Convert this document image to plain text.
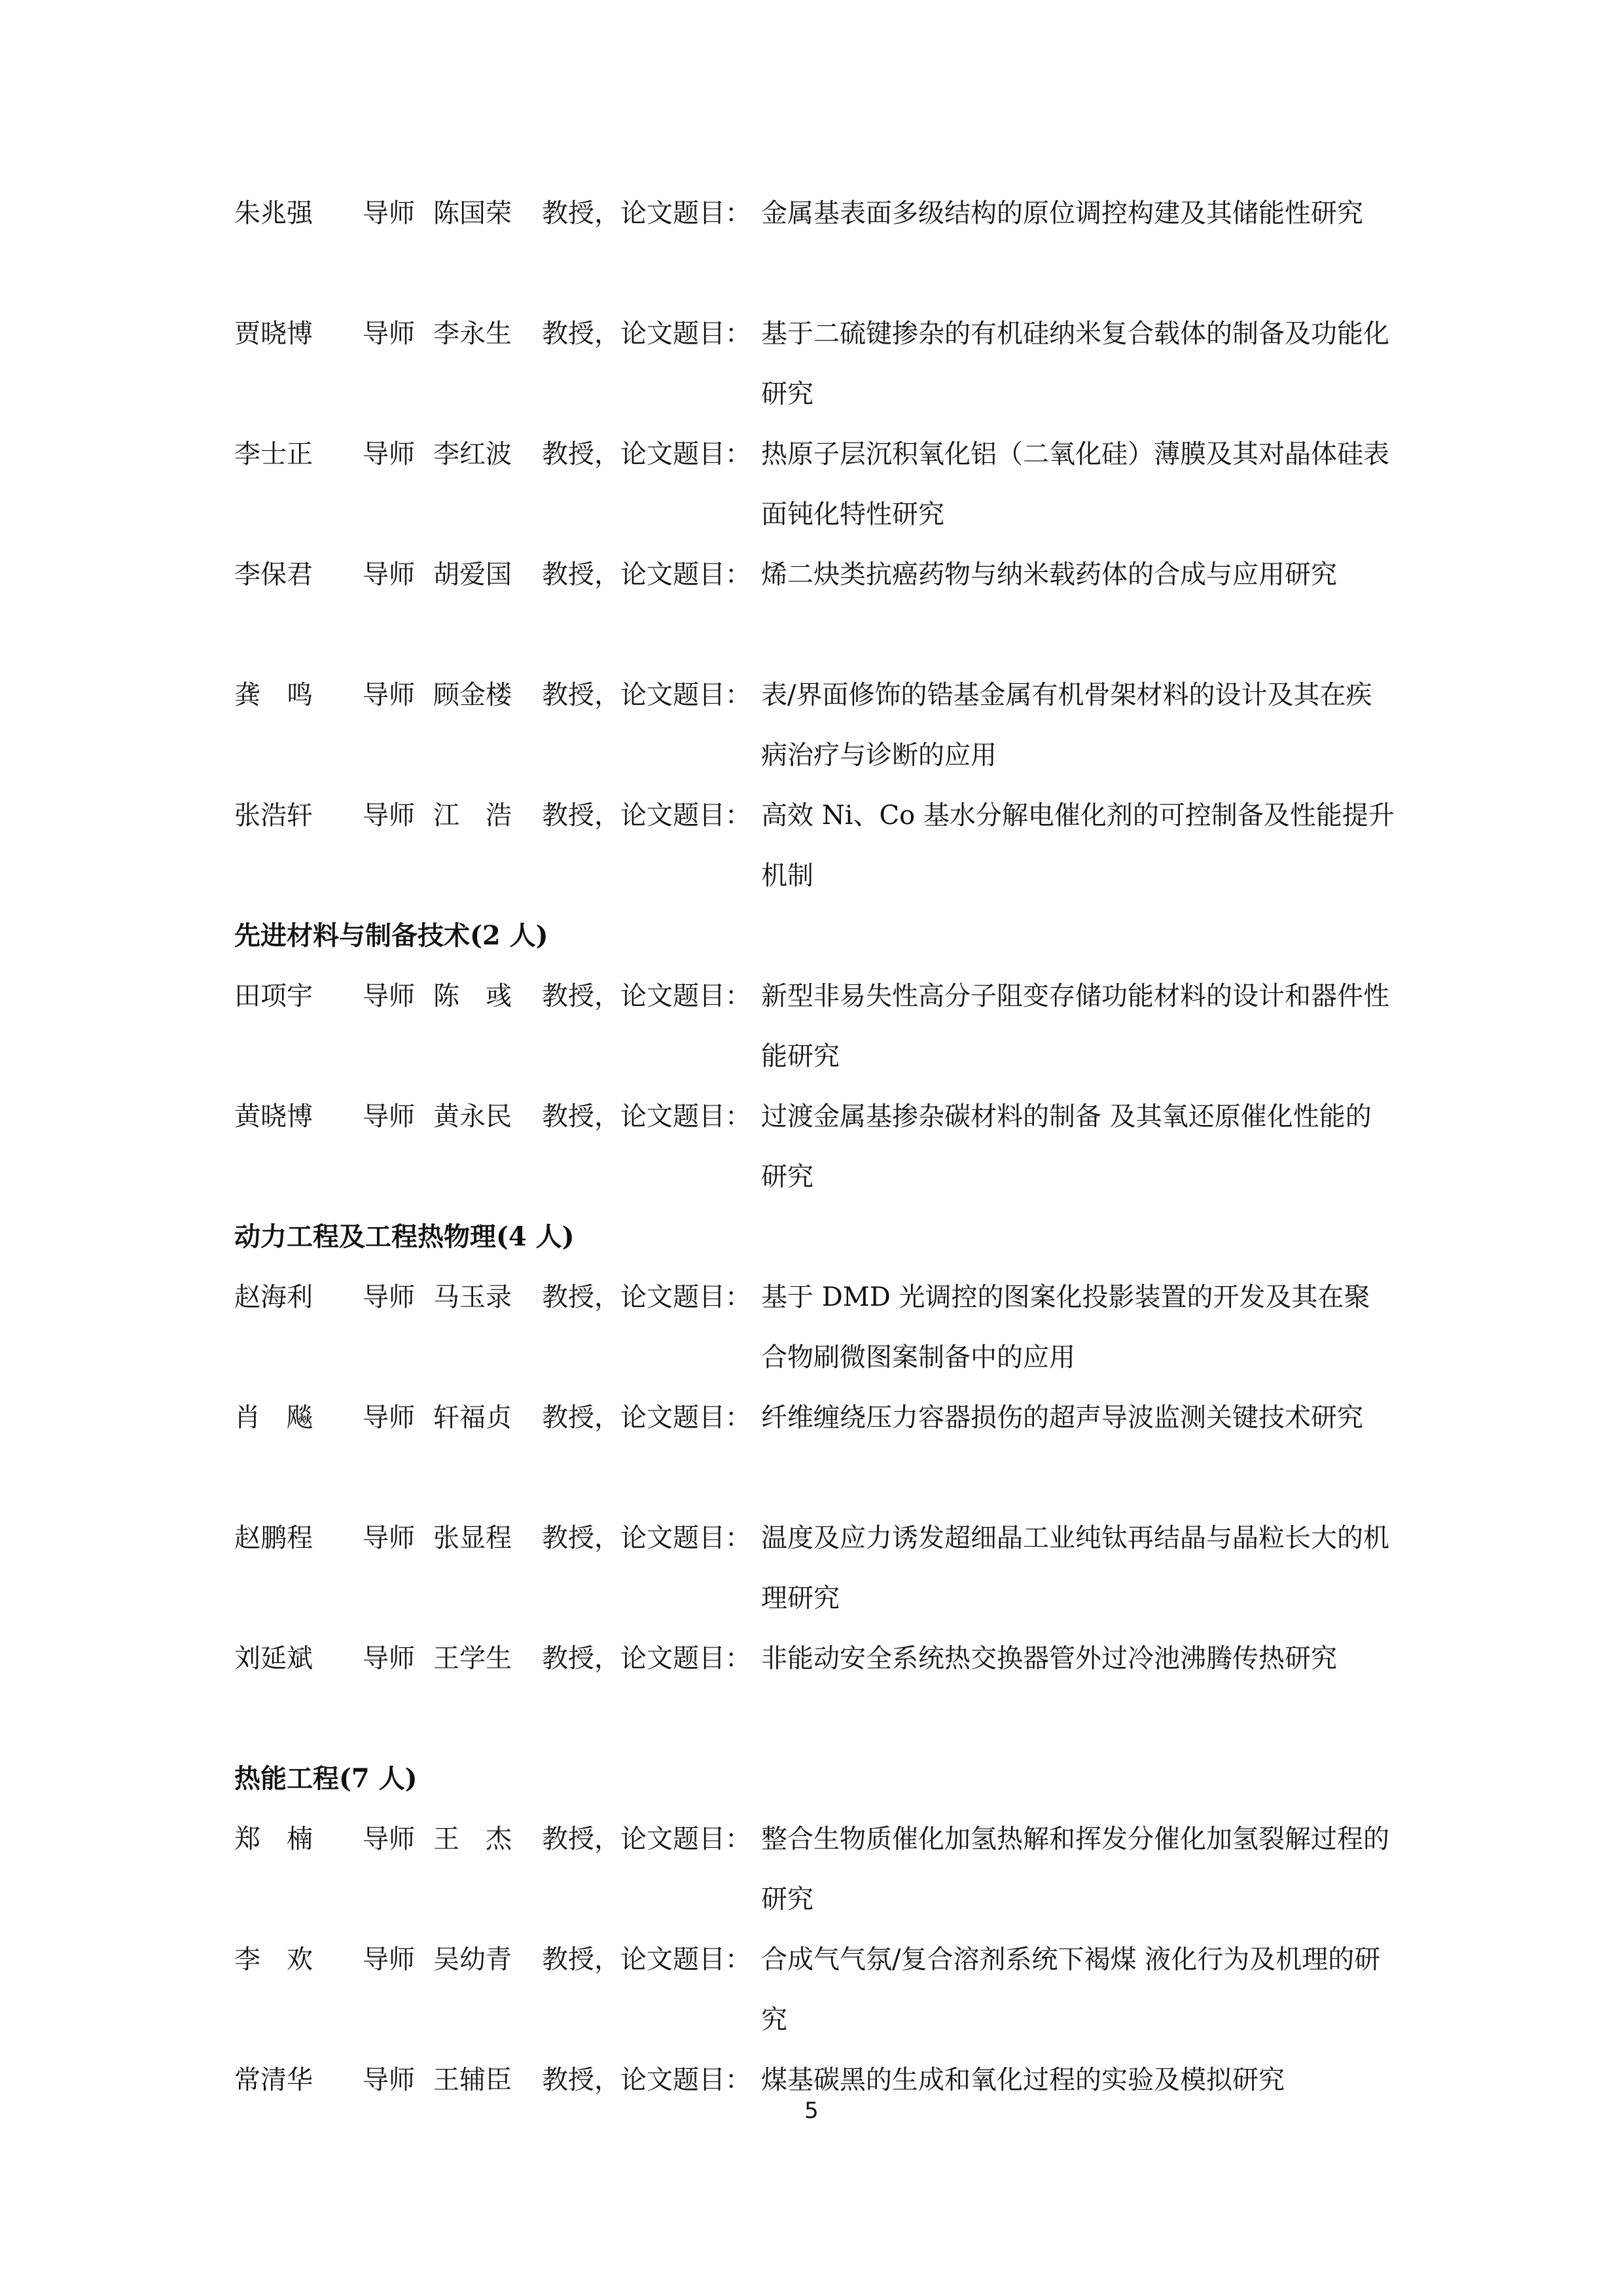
朱兆强	导师 陈国荣	教授，论文题目： 金属基表面多级结构的原位调控构建及其储能性研究
贾晓博	导师 李永生	教授，论文题目： 基于二硫键掺杂的有机硅纳米复合载体的制备及功能化研究
李士正	导师 李红波	教授，论文题目： 热原子层沉积氧化铝（二氧化硅）薄膜及其对晶体硅表面钝化特性研究
李保君	导师 胡爱国	教授，论文题目： 烯二炔类抗癌药物与纳米载药体的合成与应用研究
龚　鸣	导师 顾金楼	教授，论文题目： 表/界面修饰的锆基金属有机骨架材料的设计及其在疾病治疗与诊断的应用
张浩轩	导师 江　浩	教授，论文题目： 高效 Ni、Co 基水分解电催化剂的可控制备及性能提升机制
先进材料与制备技术(2 人)
田项宇	导师 陈　彧	教授，论文题目： 新型非易失性高分子阻变存储功能材料的设计和器件性能研究
黄晓博	导师 黄永民	教授，论文题目： 过渡金属基掺杂碳材料的制备 及其氧还原催化性能的研究
动力工程及工程热物理(4 人)
赵海利	导师 马玉录	教授，论文题目： 基于 DMD 光调控的图案化投影装置的开发及其在聚合物刷微图案制备中的应用
肖　飚	导师 轩福贞	教授，论文题目： 纤维缠绕压力容器损伤的超声导波监测关键技术研究
赵鹏程	导师 张显程	教授，论文题目： 温度及应力诱发超细晶工业纯钛再结晶与晶粒长大的机理研究
刘延斌	导师 王学生	教授，论文题目： 非能动安全系统热交换器管外过冷池沸腾传热研究
热能工程(7 人)
郑　楠	导师 王　杰	教授，论文题目： 整合生物质催化加氢热解和挥发分催化加氢裂解过程的研究
李　欢	导师 吴幼青	教授，论文题目： 合成气气氛/复合溶剂系统下褐煤 液化行为及机理的研究
常清华	导师 王辅臣	教授，论文题目： 煤基碳黑的生成和氧化过程的实验及模拟研究
5
